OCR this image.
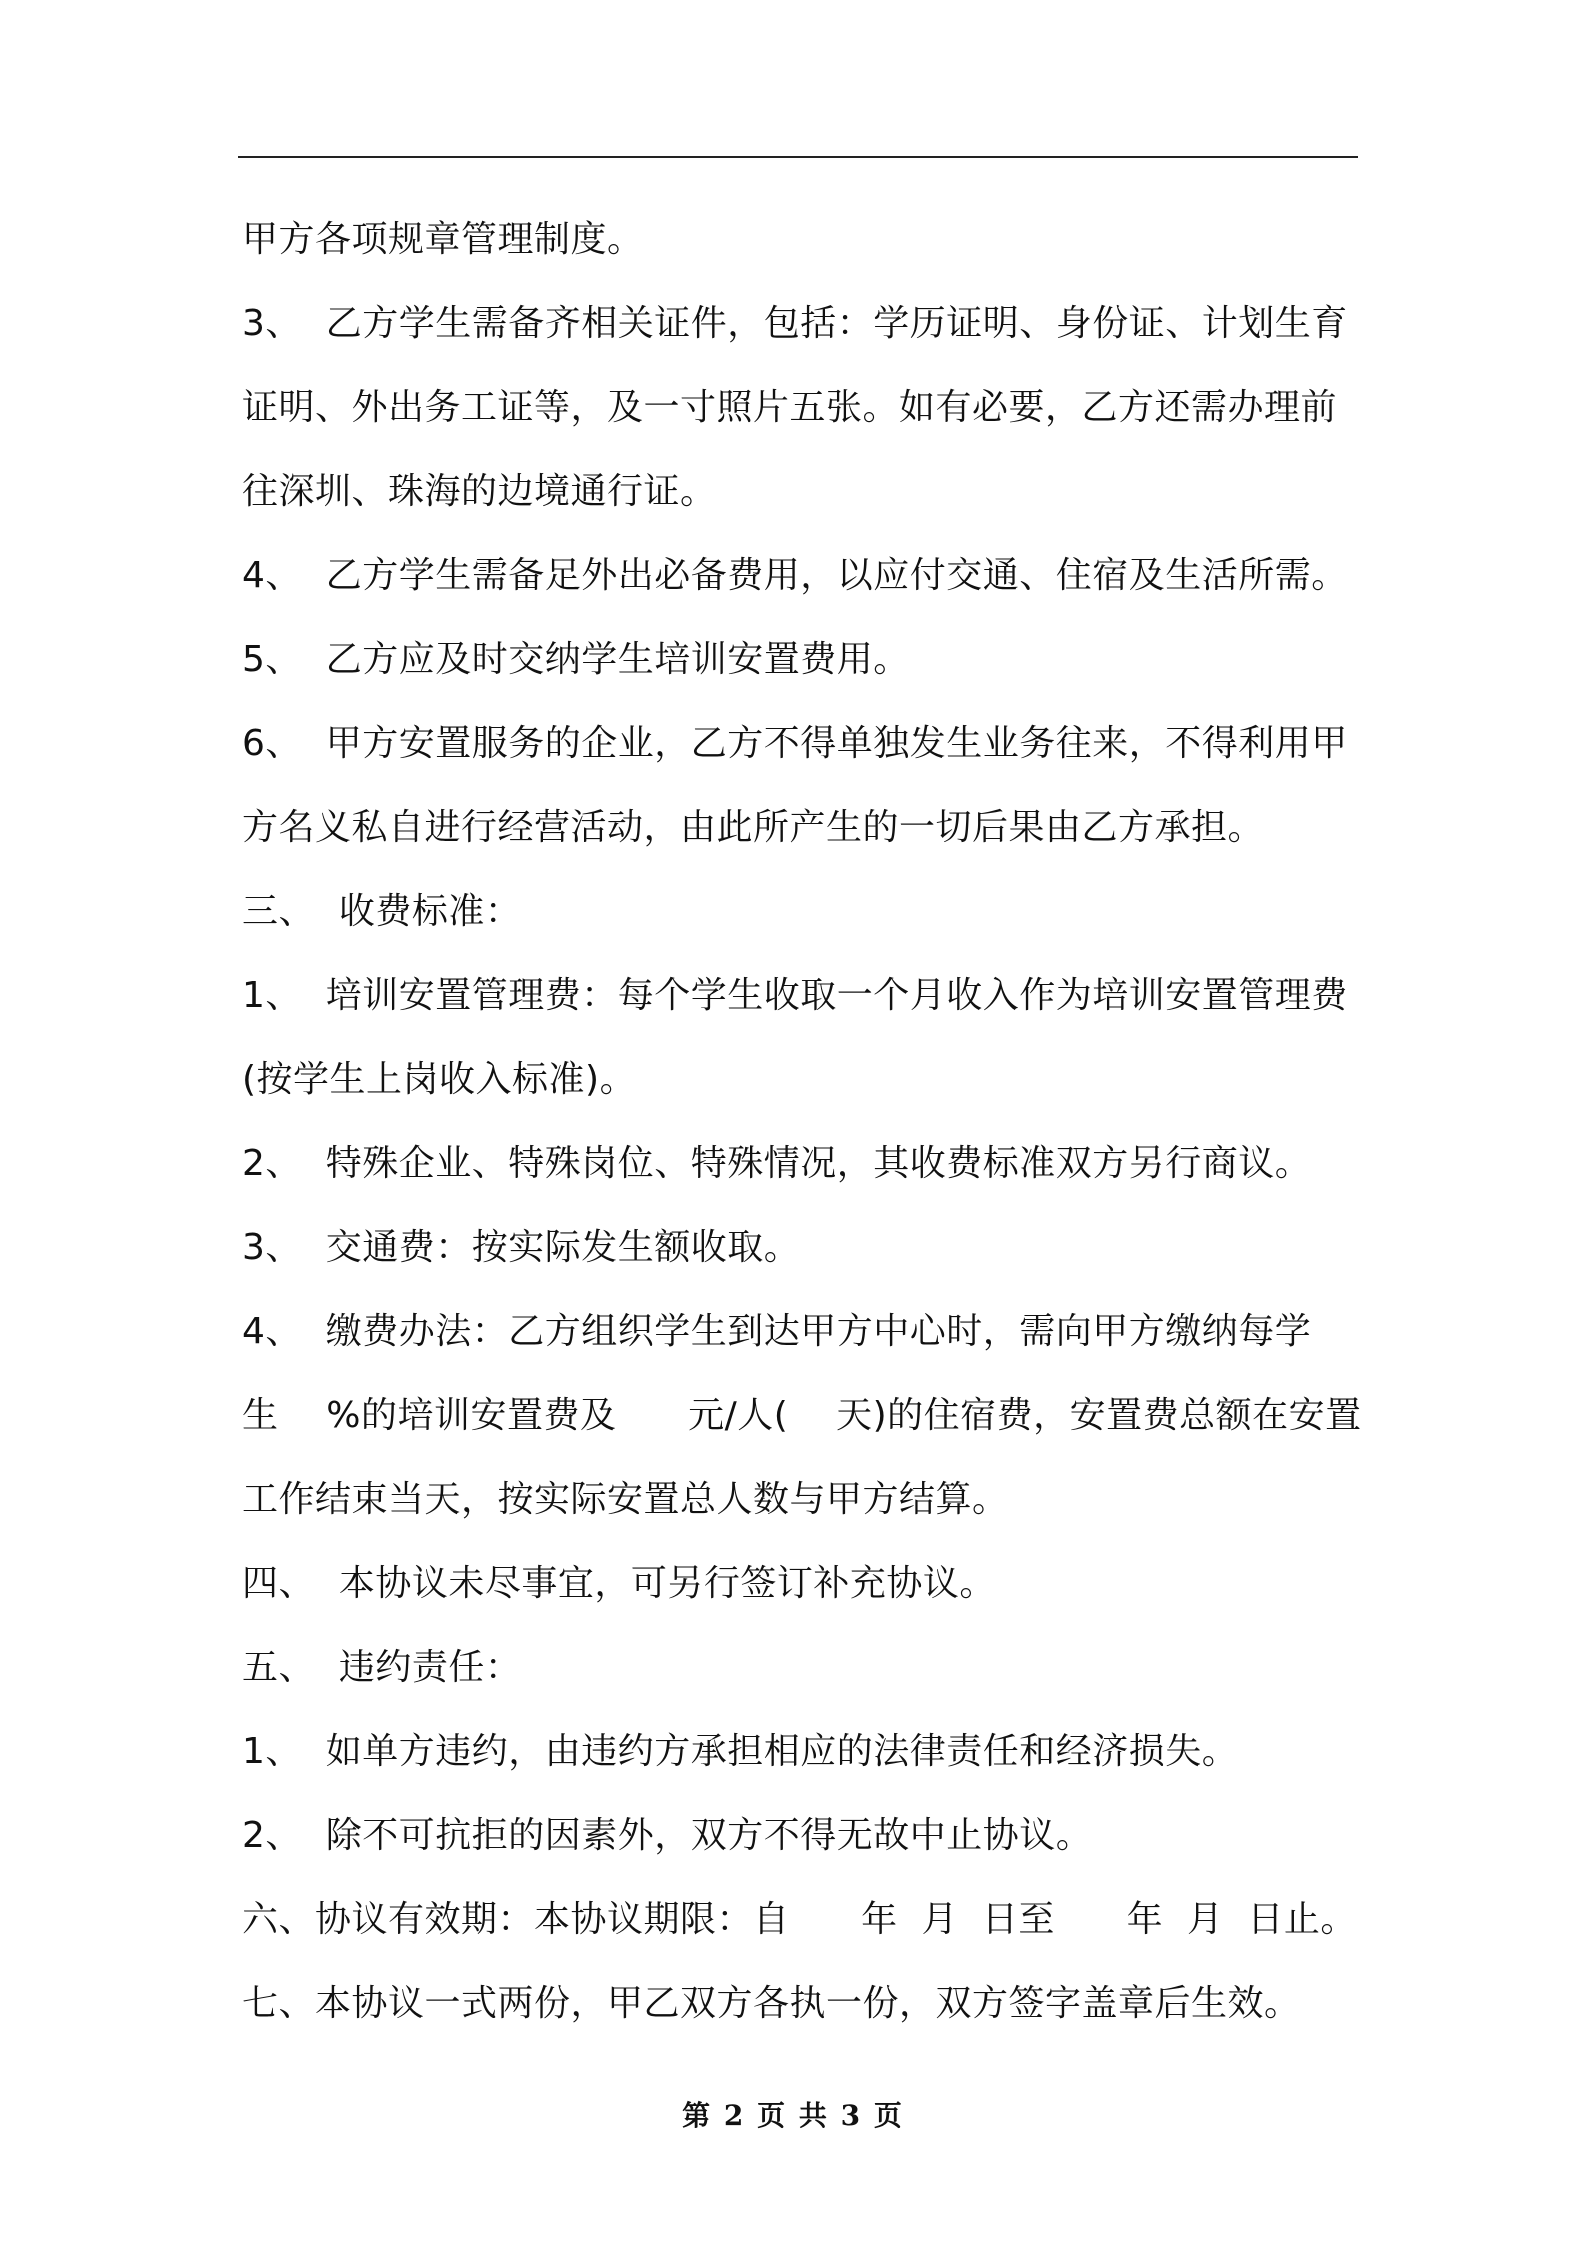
甲方各项规章管理制度。
3、  乙方学生需备齐相关证件，包括：学历证明、身份证、计划生育
证明、外出务工证等，及一寸照片五张。如有必要，乙方还需办理前
往深圳、珠海的边境通行证。
4、  乙方学生需备足外出必备费用，以应付交通、住宿及生活所需。
5、  乙方应及时交纳学生培训安置费用。
6、  甲方安置服务的企业，乙方不得单独发生业务往来，不得利用甲
方名义私自进行经营活动，由此所产生的一切后果由乙方承担。
三、  收费标准：
1、  培训安置管理费：每个学生收取一个月收入作为培训安置管理费
(按学生上岗收入标准)。
2、  特殊企业、特殊岗位、特殊情况，其收费标准双方另行商议。
3、  交通费：按实际发生额收取。
4、  缴费办法：乙方组织学生到达甲方中心时，需向甲方缴纳每学
生    %的培训安置费及      元/人(    天)的住宿费，安置费总额在安置
工作结束当天，按实际安置总人数与甲方结算。
四、  本协议未尽事宜，可另行签订补充协议。
五、  违约责任：
1、  如单方违约，由违约方承担相应的法律责任和经济损失。
2、  除不可抗拒的因素外，双方不得无故中止协议。
六、协议有效期：本协议期限：自      年  月  日至      年  月  日止。
七、本协议一式两份，甲乙双方各执一份，双方签字盖章后生效。
第 2 页 共 3 页
